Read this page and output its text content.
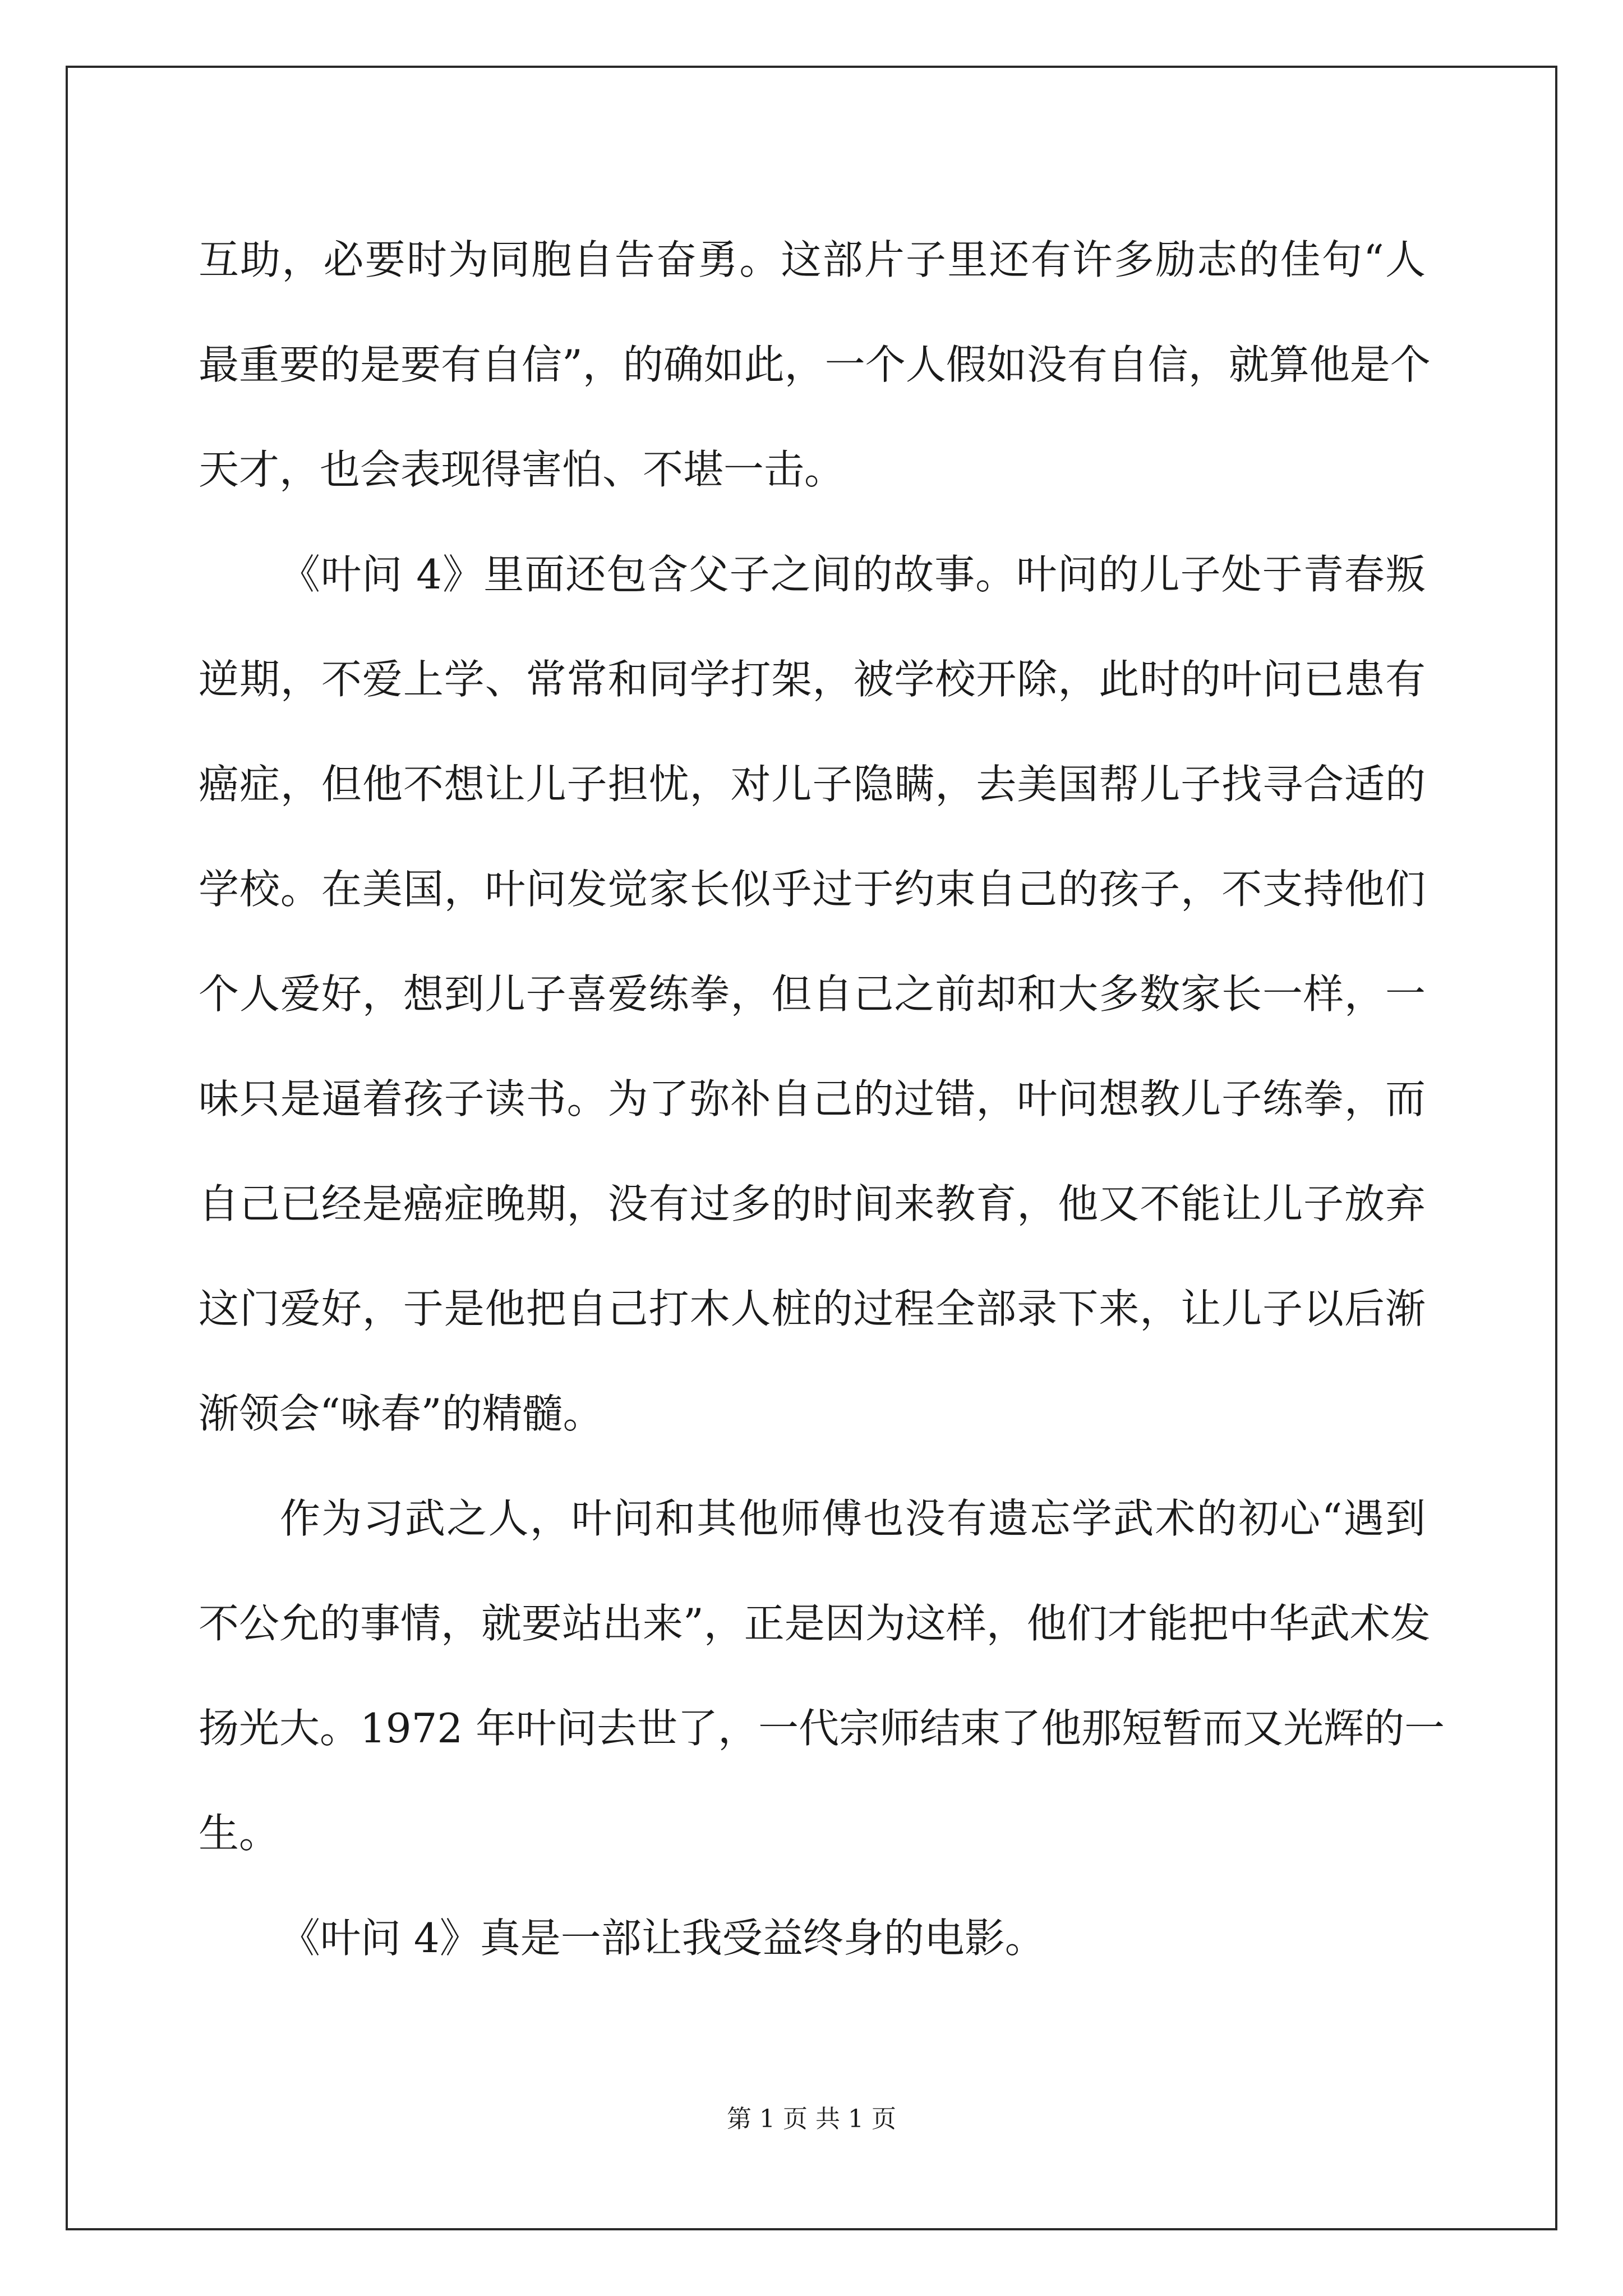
互助，必要时为同胞自告奋勇。这部片子里还有许多励志的佳句“人
最重要的是要有自信”，的确如此，一个人假如没有自信，就算他是个
天才，也会表现得害怕、不堪一击。
《叶问 4》里面还包含父子之间的故事。叶问的儿子处于青春叛
逆期，不爱上学、常常和同学打架，被学校开除，此时的叶问已患有
癌症，但他不想让儿子担忧，对儿子隐瞒，去美国帮儿子找寻合适的
学校。在美国，叶问发觉家长似乎过于约束自己的孩子，不支持他们
个人爱好，想到儿子喜爱练拳，但自己之前却和大多数家长一样，一
味只是逼着孩子读书。为了弥补自己的过错，叶问想教儿子练拳，而
自己已经是癌症晚期，没有过多的时间来教育，他又不能让儿子放弃
这门爱好，于是他把自己打木人桩的过程全部录下来，让儿子以后渐
渐领会“咏春”的精髓。
作为习武之人，叶问和其他师傅也没有遗忘学武术的初心“遇到
不公允的事情，就要站出来”，正是因为这样，他们才能把中华武术发
扬光大。1972 年叶问去世了，一代宗师结束了他那短暂而又光辉的一
生。
《叶问 4》真是一部让我受益终身的电影。
第 1 页 共 1 页
